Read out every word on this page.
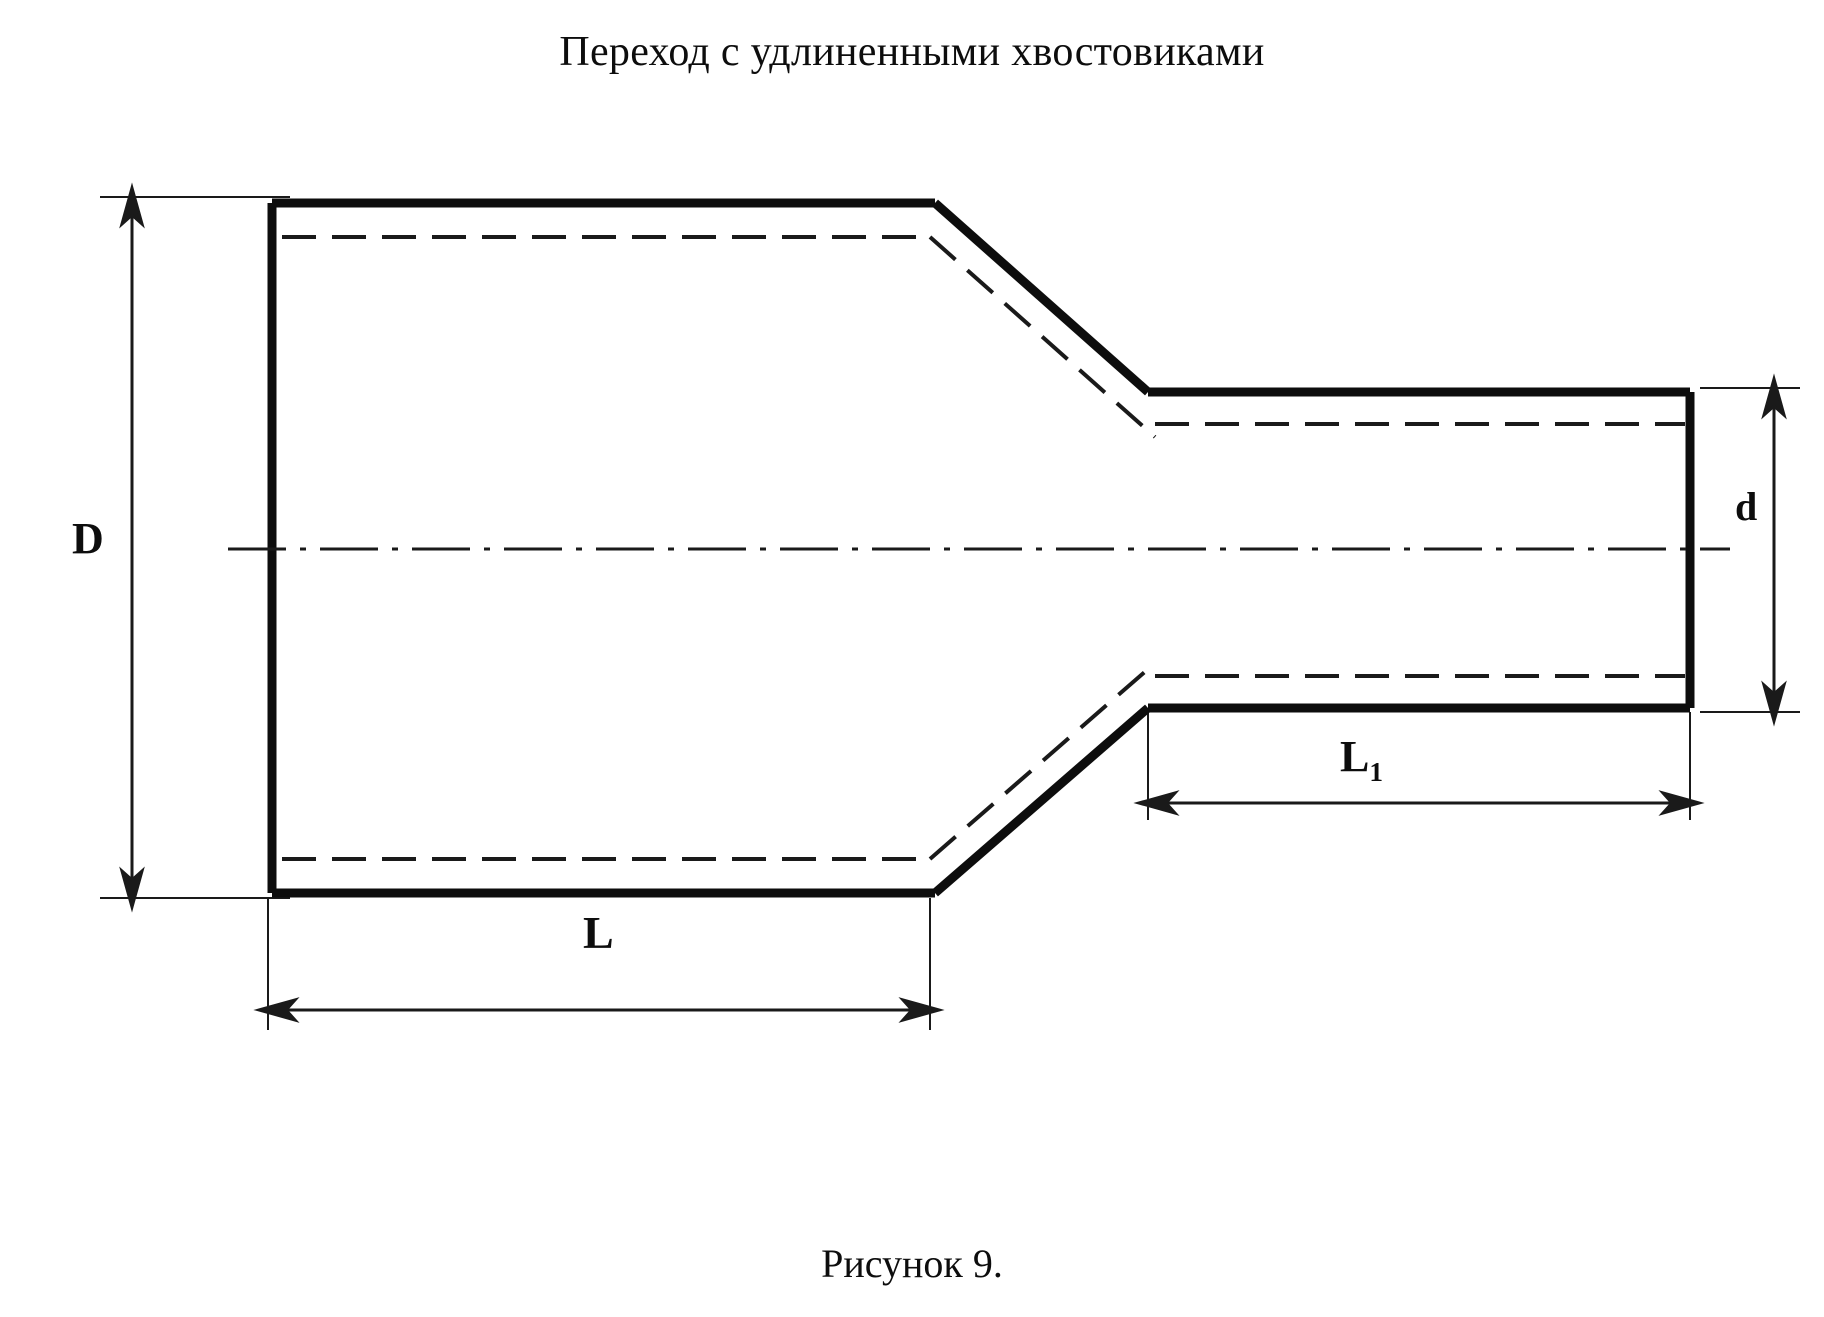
Переход с удлиненными хвостовиками
D
d
L
$L_1$
Рисунок 9.
